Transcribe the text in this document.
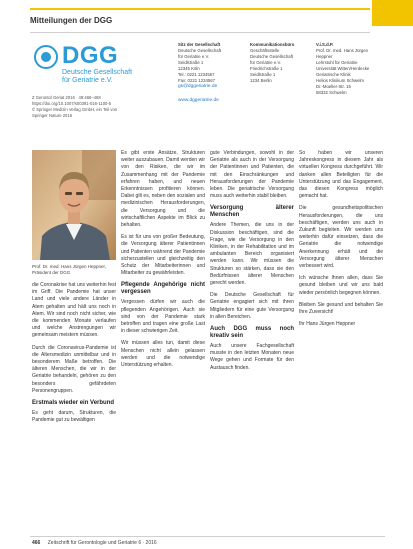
Mitteilungen der DGG
DGG
Deutsche Gesellschaft
für Geriatrie e.V.
Z Gerontol Geriat 2016 · 49:466–468
https://doi.org/10.1007/s00391-016-1100-5
© Springer Medizin Verlag GmbH, ein Teil von
Springer Nature 2016
Sitz der Gesellschaft
Deutsche Gesellschaft
für Geriatrie e.V.
Seidlstraße 1
12345 Köln
Tel.: 0221 1234567
Fax: 0221 1234567
Kommunikationsbüro
Geschäftsstelle
Deutsche Gesellschaft
für Geriatrie e.V.
Friedrichstraße 1
Seidlstraße 1
1234 Berlin
V.i.S.d.P.
Prof. Dr. med. Hans Jürgen Heppner
Lehrstuhl für Geriatrie
Universität Witten/Herdecke
Geriatrische Klinik
Helios Klinikum Schwelm
Dr.-Moeller-Str. 15
58332 Schwelm
gs@dggeriatrie.de
www.dggeriatrie.de
Prof. Dr. med. Hans Jürgen Heppner, Präsident der DGG

die Coronakrise hat uns weiterhin fest im Griff. Die Pandemie hat unser Land und viele andere Länder in Atem gehalten und hält uns noch in Atem. Wir sind noch nicht sicher, wie die kommenden Monate verlaufen und welche Anstrengungen wir gemeinsam meistern müssen.

Durch die Coronavirus-Pandemie ist die Altersmedizin unmittelbar und in besonderem Maße betroffen. Die älteren Menschen, die wir in der Geriatrie behandeln, gehören zu den besonders gefährdeten Personengruppen.

Erstmals wieder ein Verbund

Es geht darum, Strukturen, die Pandemie gut zu bewältigen

Es gibt erste Ansätze, Strukturen weiter auszubauen. Damit werden wir von den Risiken, die wir im Zusammenhang mit der Pandemie erfahren haben, und neuen Erkenntnissen profitieren können. Dabei gilt es, neben den sozialen und medizinischen Herausforderungen, die Versorgung und die wirtschaftlichen Aspekte im Blick zu behalten.

Es ist für uns von großer Bedeutung, die Versorgung älterer Patientinnen und Patienten während der Pandemie sicherzustellen und gleichzeitig den Schutz der Mitarbeiterinnen und Mitarbeiter zu gewährleisten.

Pflegende Angehörige nicht vergessen

Vergessen dürfen wir auch die pflegenden Angehörigen. Auch sie sind von der Pandemie stark betroffen und tragen eine große Last in dieser schwierigen Zeit.

Wir müssen alles tun, damit diese Menschen nicht allein gelassen werden und die notwendige Unterstützung erhalten.

gute Verbindungen, sowohl in der Geriatrie als auch in der Versorgung der Patientinnen und Patienten, die mit den Einschränkungen und Herausforderungen der Pandemie leben. Die geriatrische Versorgung muss auch weiterhin stabil bleiben.

Versorgung älterer Menschen

Andere Themen, die uns in der Diskussion beschäftigen, sind die Frage, wie die Versorgung in den Kliniken, in der Rehabilitation und im ambulanten Bereich organisiert werden kann. Wir müssen die Strukturen so stärken, dass sie den Bedürfnissen älterer Menschen gerecht werden.

Die Deutsche Gesellschaft für Geriatrie engagiert sich mit ihren Mitgliedern für eine gute Versorgung in allen Bereichen.

Auch DGG muss noch kreativ sein

Auch unsere Fachgesellschaft musste in den letzten Monaten neue Wege gehen und Formate für den Austausch finden.

So haben wir unseren Jahreskongress in diesem Jahr als virtuellen Kongress durchgeführt. Wir danken allen Beteiligten für die Unterstützung und das Engagement, das diesen Kongress möglich gemacht hat.

Die gesundheitspolitischen Herausforderungen, die uns beschäftigen, werden uns auch in Zukunft begleiten. Wir werden uns weiterhin dafür einsetzen, dass die Geriatrie die notwendige Anerkennung erhält und die Versorgung älterer Menschen verbessert wird.

Ich wünsche Ihnen allen, dass Sie gesund bleiben und wir uns bald wieder persönlich begegnen können.

Bleiben Sie gesund und behalten Sie Ihre Zuversicht!

Ihr Hans Jürgen Heppner

466 Zeitschrift für Gerontologie und Geriatrie 6 · 2016
